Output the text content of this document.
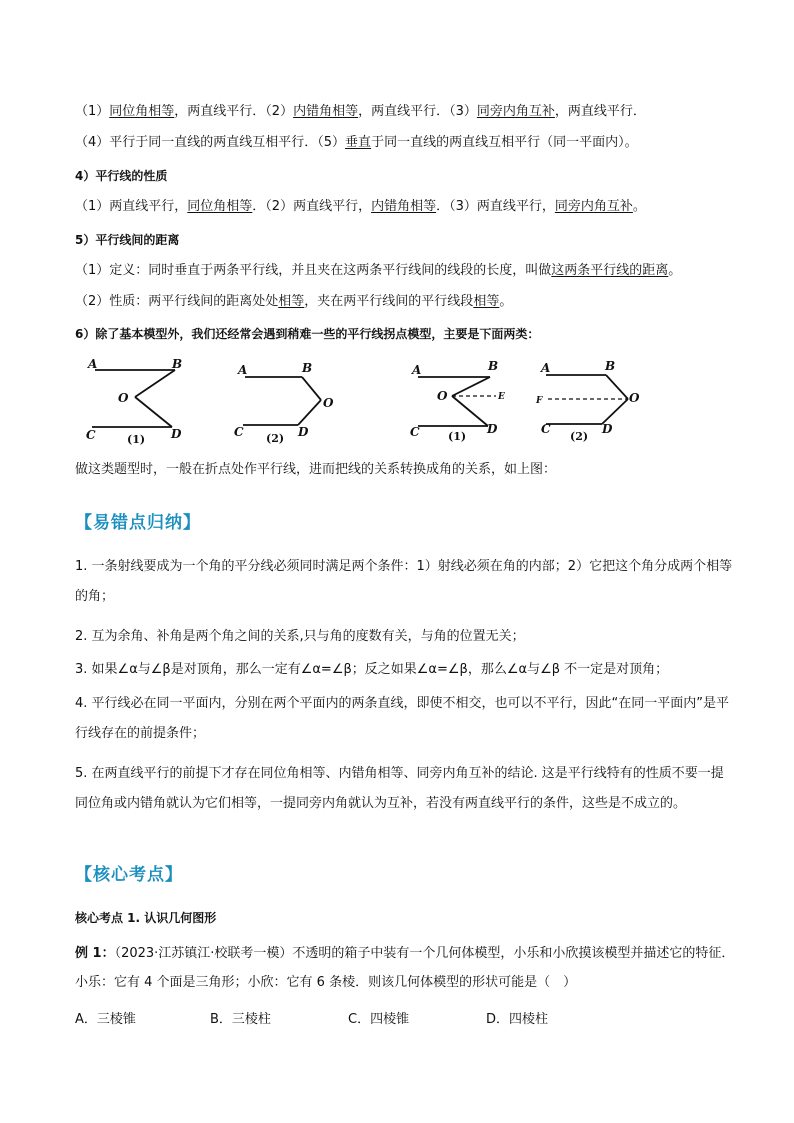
（1）同位角相等，两直线平行．（2）内错角相等，两直线平行．（3）同旁内角互补，两直线平行．
（4）平行于同一直线的两直线互相平行．（5）垂直于同一直线的两直线互相平行（同一平面内）。
4）平行线的性质
（1）两直线平行，同位角相等．（2）两直线平行，内错角相等．（3）两直线平行，同旁内角互补。
5）平行线间的距离
（1）定义：同时垂直于两条平行线，并且夹在这两条平行线间的线段的长度，叫做这两条平行线的距离。
（2）性质：两平行线间的距离处处相等，夹在两平行线间的平行线段相等。
6）除了基本模型外，我们还经常会遇到稍难一些的平行线拐点模型，主要是下面两类：
A	B
O
C	D
(1)
A	B
O
C	D
(2)
A	B
O	E
C	D
(1)
A	B
F	O
C	D
(2)
做这类题型时，一般在折点处作平行线，进而把线的关系转换成角的关系，如上图：
【易错点归纳】
1. 一条射线要成为一个角的平分线必须同时满足两个条件：1）射线必须在角的内部；2）它把这个角分成两个相等的角；
2. 互为余角、补角是两个角之间的关系,只与角的度数有关，与角的位置无关；
3. 如果∠α与∠β是对顶角，那么一定有∠α=∠β；反之如果∠α=∠β，那么∠α与∠β 不一定是对顶角；
4. 平行线必在同一平面内，分别在两个平面内的两条直线，即使不相交，也可以不平行，因此“在同一平面内”是平行线存在的前提条件；
5. 在两直线平行的前提下才存在同位角相等、内错角相等、同旁内角互补的结论. 这是平行线特有的性质不要一提同位角或内错角就认为它们相等，一提同旁内角就认为互补，若没有两直线平行的条件，这些是不成立的。
【核心考点】
核心考点 1. 认识几何图形
例 1：（2023·江苏镇江·校联考一模）不透明的箱子中装有一个几何体模型，小乐和小欣摸该模型并描述它的特征．小乐：它有 4 个面是三角形；小欣：它有 6 条棱．则该几何体模型的形状可能是（　）
A．三棱锥	B．三棱柱	C．四棱锥	D．四棱柱
